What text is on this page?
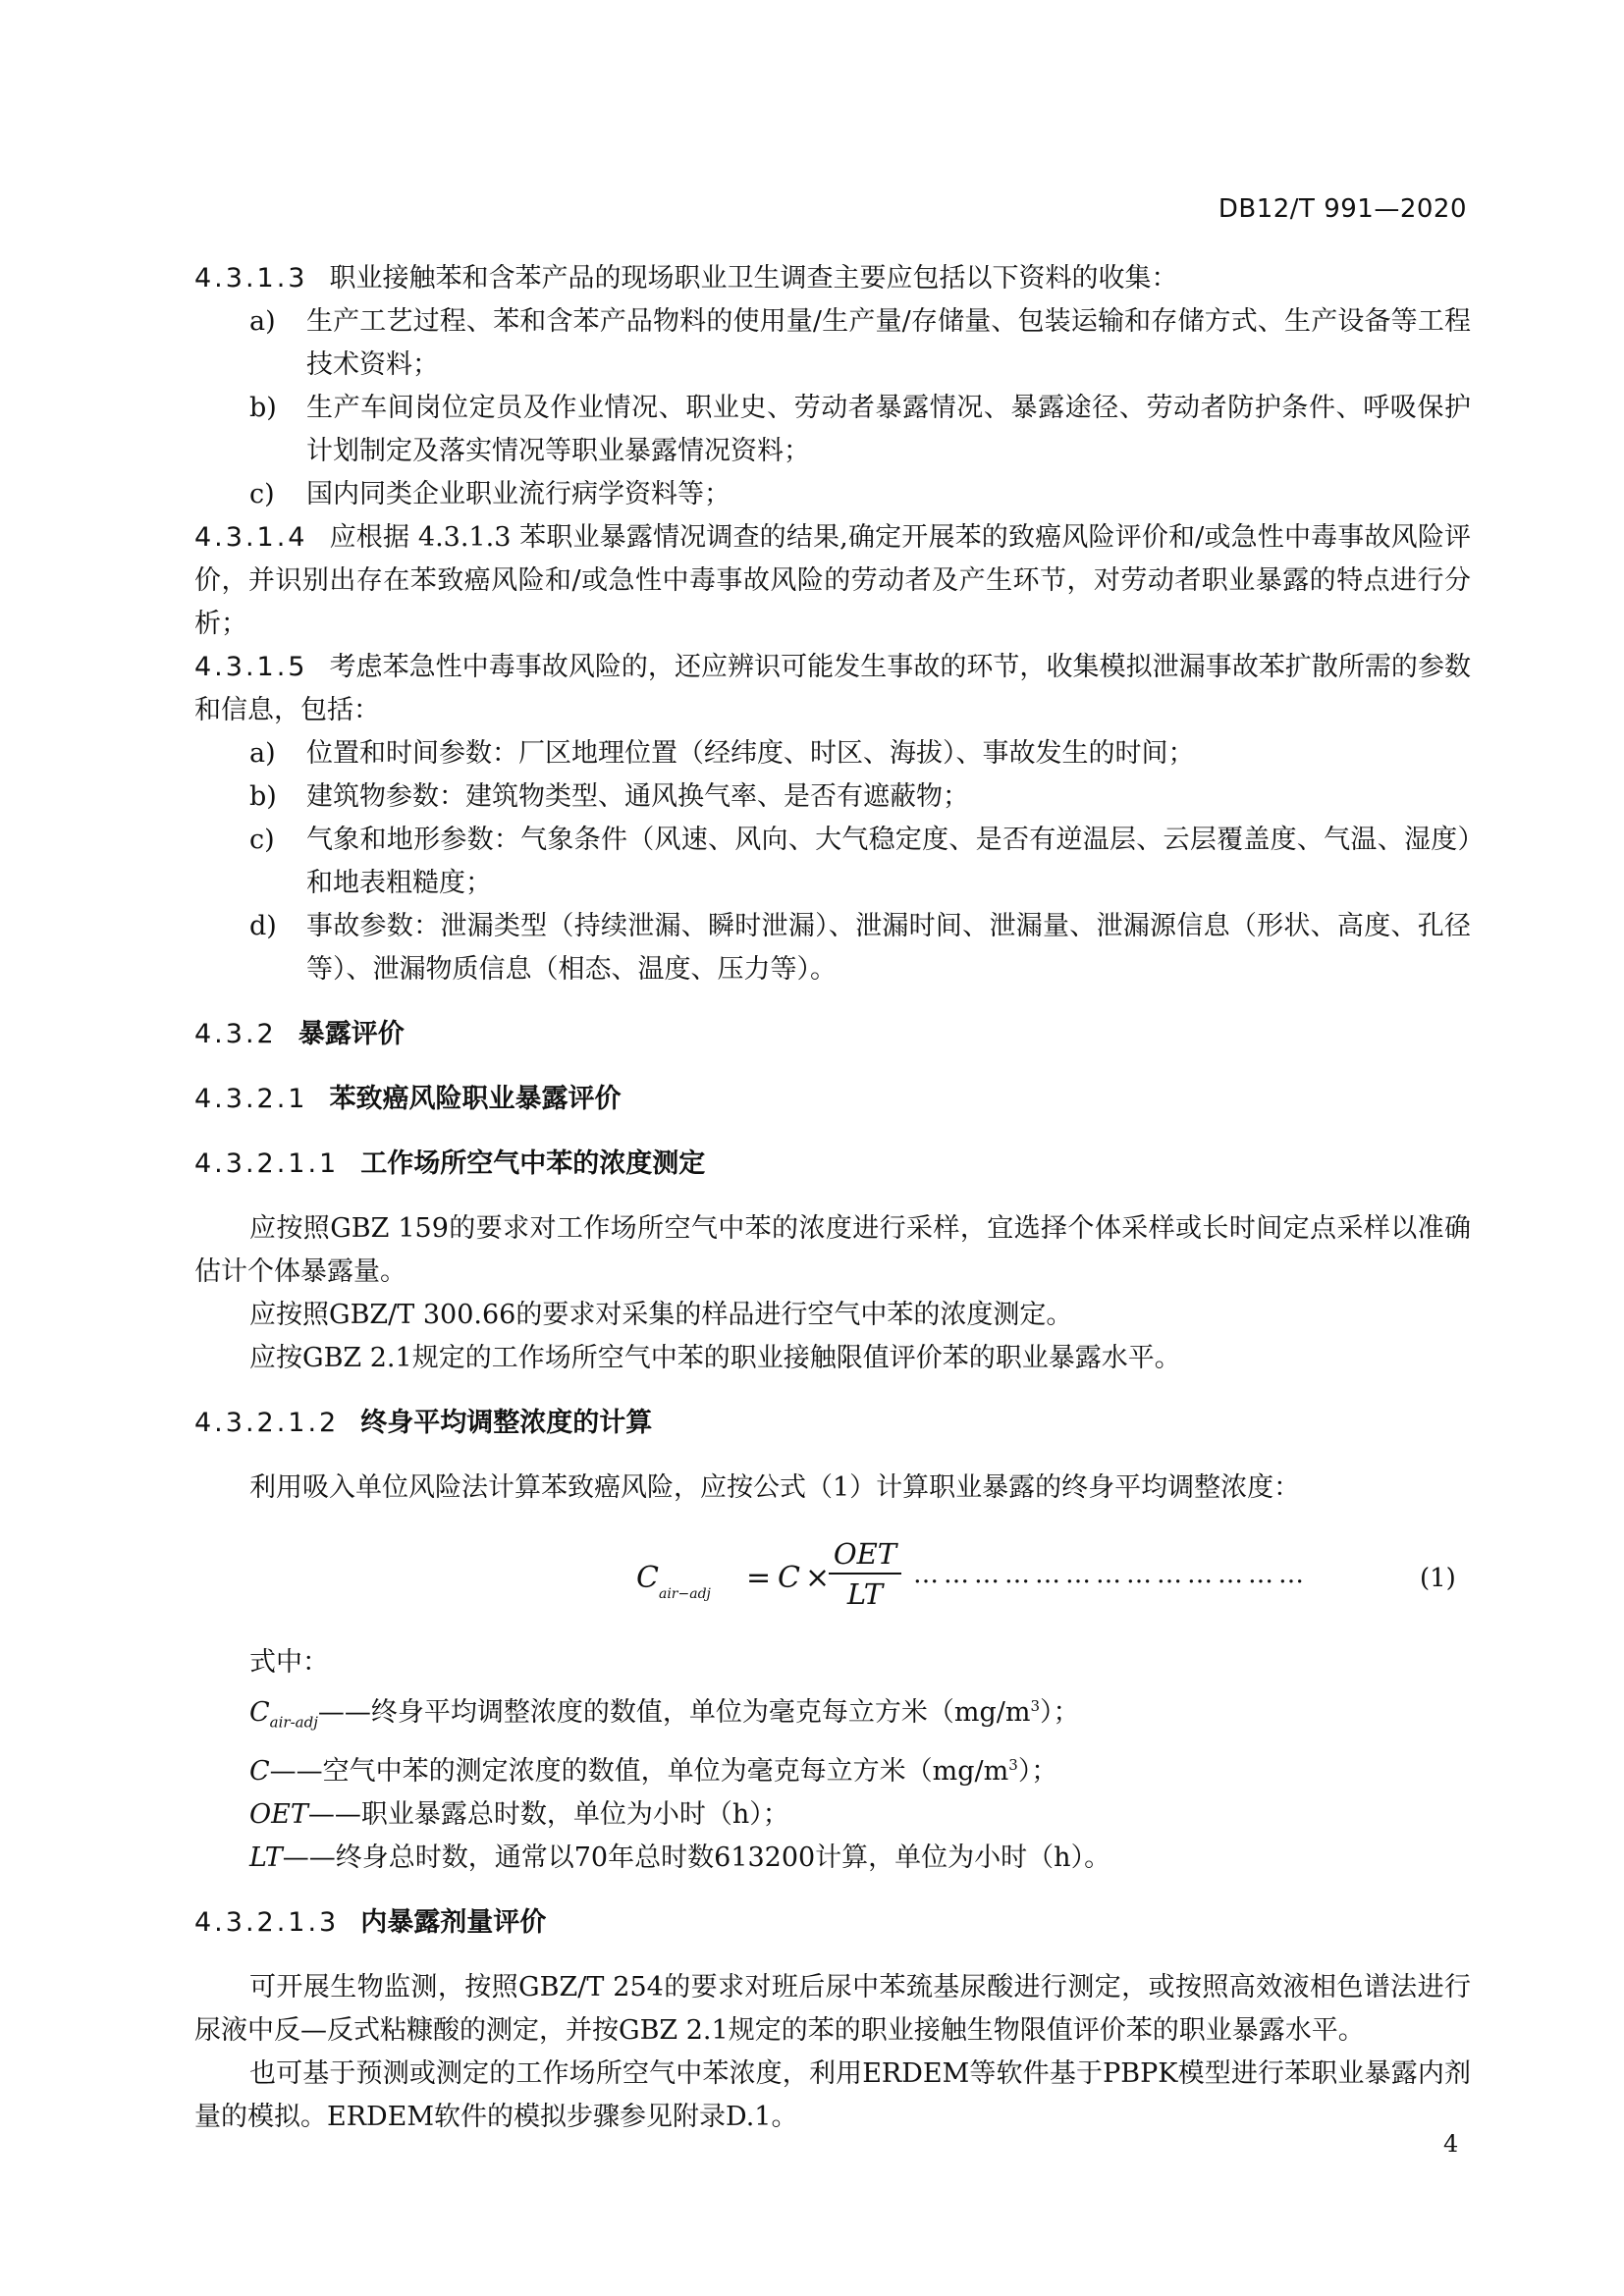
DB12/T 991—2020

4.3.1.3 职业接触苯和含苯产品的现场职业卫生调查主要应包括以下资料的收集：

a) 生产工艺过程、苯和含苯产品物料的使用量/生产量/存储量、包装运输和存储方式、生产设备等工程技术资料；

b) 生产车间岗位定员及作业情况、职业史、劳动者暴露情况、暴露途径、劳动者防护条件、呼吸保护计划制定及落实情况等职业暴露情况资料；

c) 国内同类企业职业流行病学资料等；

4.3.1.4 应根据 4.3.1.3 苯职业暴露情况调查的结果,确定开展苯的致癌风险评价和/或急性中毒事故风险评价，并识别出存在苯致癌风险和/或急性中毒事故风险的劳动者及产生环节，对劳动者职业暴露的特点进行分析；

4.3.1.5 考虑苯急性中毒事故风险的，还应辨识可能发生事故的环节，收集模拟泄漏事故苯扩散所需的参数和信息，包括：

a) 位置和时间参数：厂区地理位置（经纬度、时区、海拔）、事故发生的时间；

b) 建筑物参数：建筑物类型、通风换气率、是否有遮蔽物；

c) 气象和地形参数：气象条件（风速、风向、大气稳定度、是否有逆温层、云层覆盖度、气温、湿度）和地表粗糙度；

d) 事故参数：泄漏类型（持续泄漏、瞬时泄漏）、泄漏时间、泄漏量、泄漏源信息（形状、高度、孔径等）、泄漏物质信息（相态、温度、压力等）。

4.3.2 暴露评价
4.3.2.1 苯致癌风险职业暴露评价
4.3.2.1.1 工作场所空气中苯的浓度测定

应按照GBZ 159的要求对工作场所空气中苯的浓度进行采样，宜选择个体采样或长时间定点采样以准确估计个体暴露量。

应按照GBZ/T 300.66的要求对采集的样品进行空气中苯的浓度测定。

应按GBZ 2.1规定的工作场所空气中苯的职业接触限值评价苯的职业暴露水平。

4.3.2.1.2 终身平均调整浓度的计算

利用吸入单位风险法计算苯致癌风险，应按公式（1）计算职业暴露的终身平均调整浓度：

$C_{air-adj} = C$ ×
OET
LT
…………………………………	(1)

式中：

$C_{air-adj}——$终身平均调整浓度的数值，单位为毫克每立方米$(mg/m^3)$；

C——空气中苯的测定浓度的数值，单位为毫克每立方米$(mg/m^3)$；

OET——职业暴露总时数，单位为小时（h）；

LT——终身总时数，通常以70年总时数613200计算，单位为小时（h）。

4.3.2.1.3 内暴露剂量评价

可开展生物监测，按照GBZ/T 254的要求对班后尿中苯巯基尿酸进行测定，或按照高效液相色谱法进行尿液中反—反式粘糠酸的测定，并按GBZ 2.1规定的苯的职业接触生物限值评价苯的职业暴露水平。

也可基于预测或测定的工作场所空气中苯浓度，利用ERDEM等软件基于PBPK模型进行苯职业暴露内剂量的模拟。ERDEM软件的模拟步骤参见附录D.1。

4
